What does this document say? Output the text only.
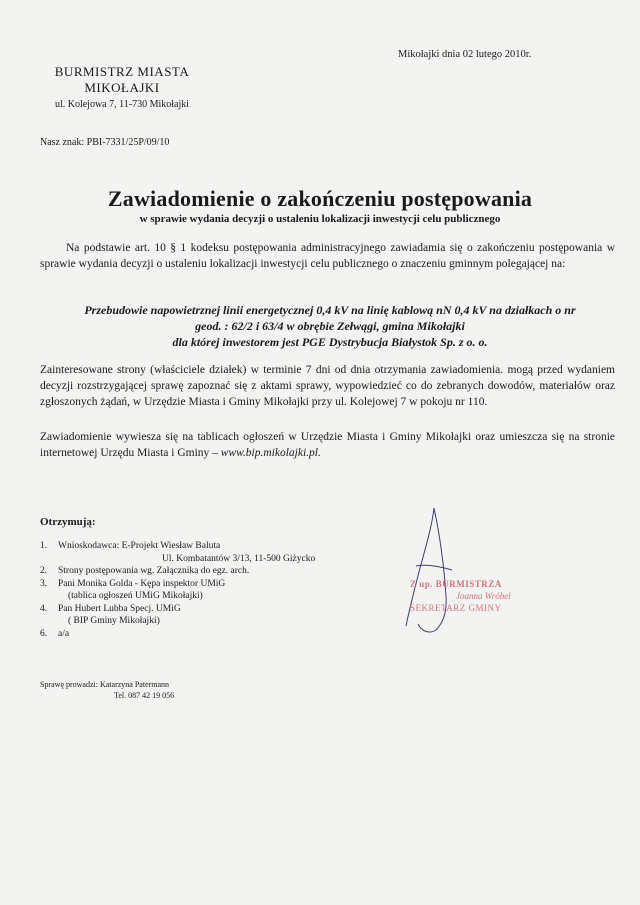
Mikołajki dnia 02 lutego 2010r.
BURMISTRZ MIASTA
MIKOŁAJKI
ul. Kolejowa 7, 11-730 Mikołajki
Nasz znak: PBI-7331/25P/09/10
Zawiadomienie o zakończeniu postępowania
w sprawie wydania decyzji o ustaleniu lokalizacji inwestycji celu publicznego
Na podstawie art. 10 § 1 kodeksu postępowania administracyjnego zawiadamia się o zakończeniu postępowania w sprawie wydania decyzji o ustaleniu lokalizacji inwestycji celu publicznego o znaczeniu gminnym polegającej na:
Przebudowie napowietrznej linii energetycznej 0,4 kV na linię kablową nN 0,4 kV na działkach o nr
geod. : 62/2 i 63/4 w obrębie Zełwągi, gmina Mikołajki
dla której inwestorem jest PGE Dystrybucja Białystok Sp. z o. o.
Zainteresowane strony (właściciele działek) w terminie 7 dni od dnia otrzymania zawiadomienia. mogą przed wydaniem decyzji rozstrzygającej sprawę zapoznać się z aktami sprawy, wypowiedzieć co do zebranych dowodów, materiałów oraz zgłoszonych żądań, w Urzędzie Miasta i Gminy Mikołajki przy ul. Kolejowej 7 w pokoju nr 110.
Zawiadomienie wywiesza się na tablicach ogłoszeń w Urzędzie Miasta i Gminy Mikołajki oraz umieszcza się na stronie internetowej Urzędu Miasta i Gminy – www.bip.mikolajki.pl.
Otrzymują:
1. Wnioskodawca: E-Projekt Wiesław Baluta
Ul. Kombatantów 3/13, 11-500 Giżycko
2. Strony postępowania wg. Załącznika do egz. arch.
3. Pani Monika Golda - Kępa inspektor UMiG
(tablica ogłoszeń UMiG Mikołajki)
4. Pan Hubert Lubba Specj. UMiG
( BIP Gminy Mikołajki)
6. a/a
Sprawę prowadzi: Katarzyna Patermann
Tel. 087 42 19 056
Z up. BURMISTRZA
Joanna Wróbel
SEKRETARZ GMINY
